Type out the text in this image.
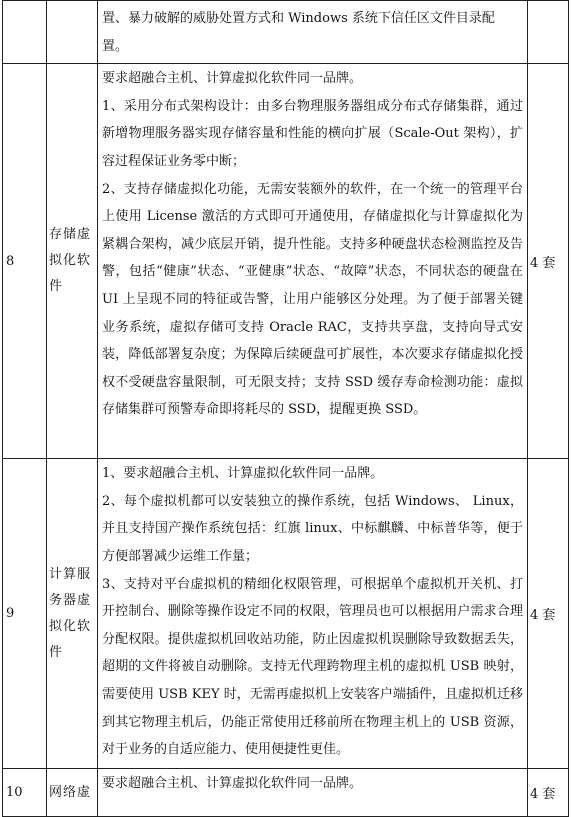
		置、暴力破解的威胁处置方式和 Windows 系统下信任区文件目录配

置。	

8	存储虚拟化软件	要求超融合主机、计算虚拟化软件同一品牌。

1、采用分布式架构设计：由多台物理服务器组成分布式存储集群，通过新增物理服务器实现存储容量和性能的横向扩展（Scale-Out 架构），扩容过程保证业务零中断；

2、支持存储虚拟化功能，无需安装额外的软件，在一个统一的管理平台上使用 License 激活的方式即可开通使用，存储虚拟化与计算虚拟化为紧耦合架构，减少底层开销，提升性能。支持多种硬盘状态检测监控及告警，包括“健康”状态、“亚健康”状态、“故障”状态，不同状态的硬盘在 UI 上呈现不同的特征或告警，让用户能够区分处理。为了便于部署关键业务系统，虚拟存储可支持 Oracle RAC，支持共享盘，支持向导式安装，降低部署复杂度；为保障后续硬盘可扩展性，本次要求存储虚拟化授权不受硬盘容量限制，可无限支持；支持 SSD 缓存寿命检测功能：虚拟存储集群可预警寿命即将耗尽的 SSD，提醒更换 SSD。	4 套
9	计算服务器虚拟化软件	1、要求超融合主机、计算虚拟化软件同一品牌。

2、每个虚拟机都可以安装独立的操作系统，包括 Windows、 Linux，并且支持国产操作系统包括：红旗 linux、中标麒麟、中标普华等，便于方便部署减少运维工作量；

3、支持对平台虚拟机的精细化权限管理，可根据单个虚拟机开关机、打开控制台、删除等操作设定不同的权限，管理员也可以根据用户需求合理分配权限。提供虚拟机回收站功能，防止因虚拟机误删除导致数据丢失，超期的文件将被自动删除。支持无代理跨物理主机的虚拟机 USB 映射，需要使用 USB KEY 时，无需再虚拟机上安装客户端插件，且虚拟机迁移到其它物理主机后，仍能正常使用迁移前所在物理主机上的 USB 资源，对于业务的自适应能力、使用便捷性更佳。	4 套
10	网络虚	要求超融合主机、计算虚拟化软件同一品牌。	4 套
